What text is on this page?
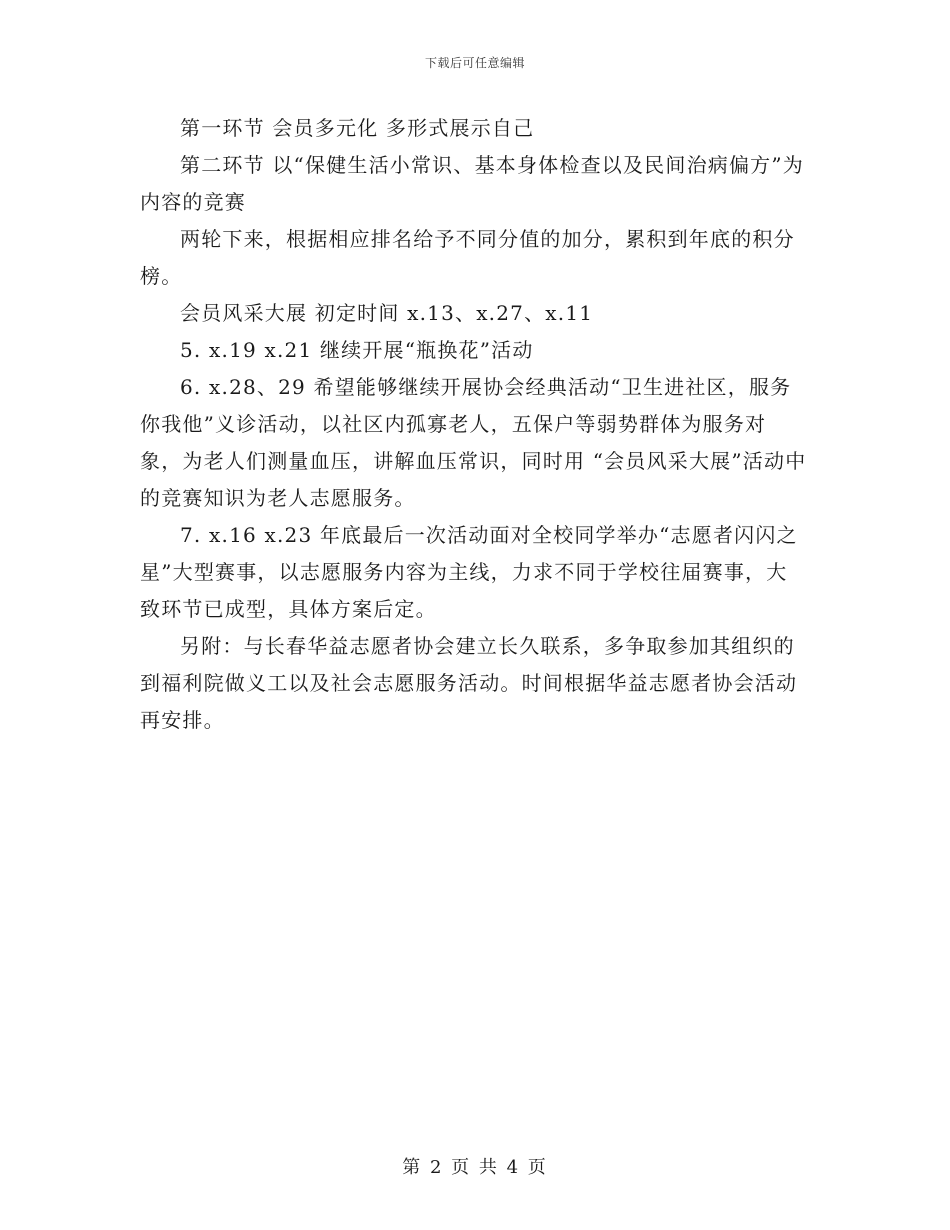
下载后可任意编辑

第一环节 会员多元化 多形式展示自己

第二环节 以“保健生活小常识、基本身体检查以及民间治病偏方”为内容的竞赛

两轮下来，根据相应排名给予不同分值的加分，累积到年底的积分榜。

会员风采大展 初定时间 x.13、x.27、x.11

5. x.19 x.21 继续开展“瓶换花”活动

6. x.28、29 希望能够继续开展协会经典活动“卫生进社区，服务你我他”义诊活动，以社区内孤寡老人，五保户等弱势群体为服务对象，为老人们测量血压，讲解血压常识，同时用 “会员风采大展”活动中的竞赛知识为老人志愿服务。

7. x.16 x.23 年底最后一次活动面对全校同学举办“志愿者闪闪之星”大型赛事，以志愿服务内容为主线，力求不同于学校往届赛事，大致环节已成型，具体方案后定。

另附：与长春华益志愿者协会建立长久联系，多争取参加其组织的到福利院做义工以及社会志愿服务活动。时间根据华益志愿者协会活动再安排。

第 2 页 共 4 页
